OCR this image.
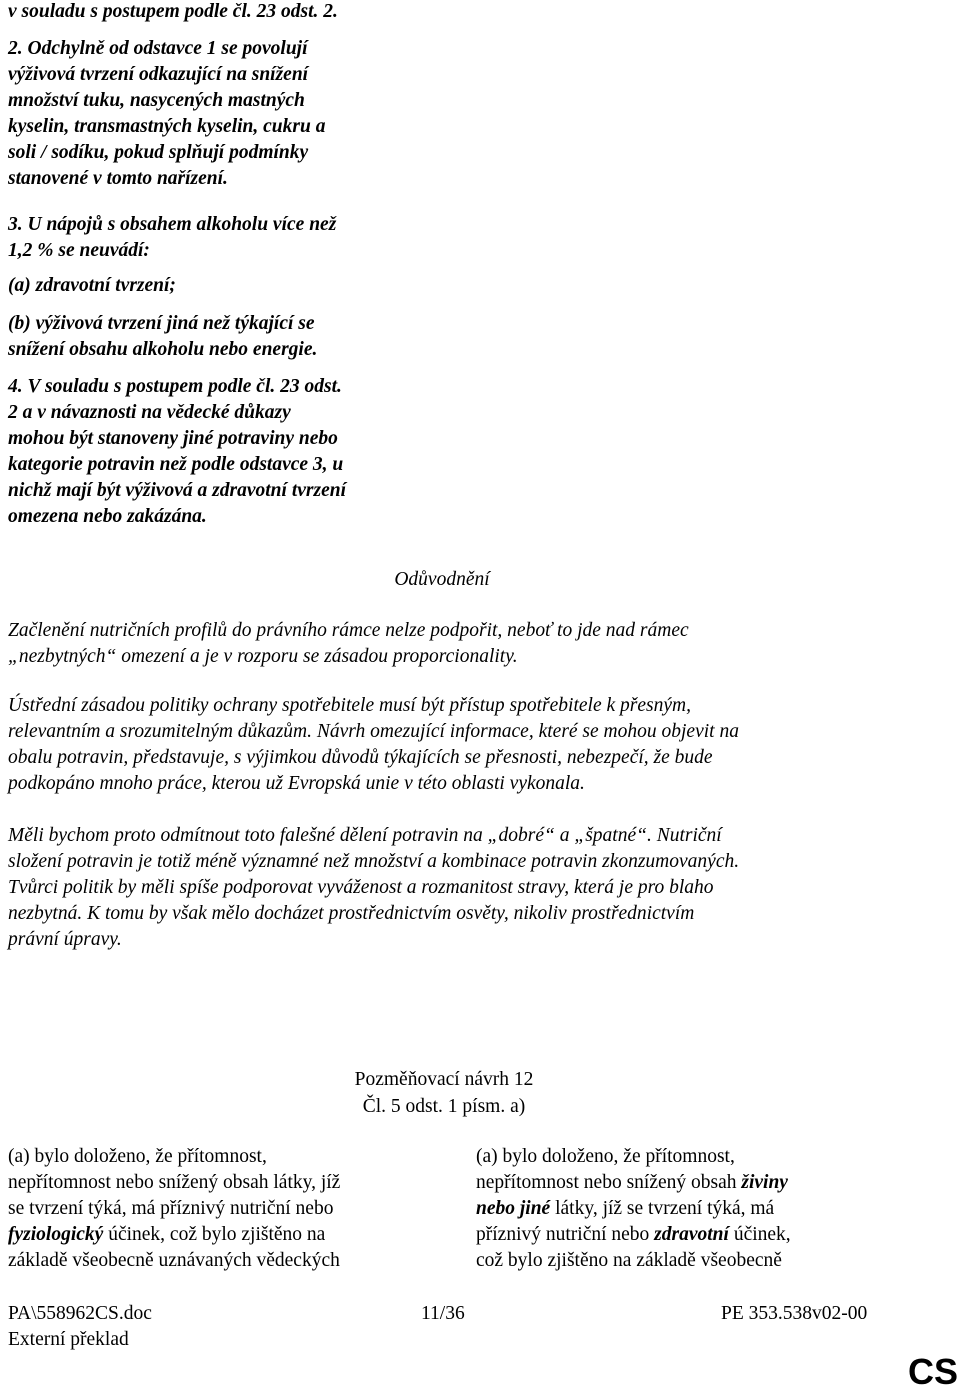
v souladu s postupem podle čl. 23 odst. 2.
2. Odchylně od odstavce 1 se povolují
výživová tvrzení odkazující na snížení
množství tuku, nasycených mastných
kyselin, transmastných kyselin, cukru a
soli / sodíku, pokud splňují podmínky
stanovené v tomto nařízení.
3. U nápojů s obsahem alkoholu více než
1,2 % se neuvádí:
(a) zdravotní tvrzení;
(b) výživová tvrzení jiná než týkající se
snížení obsahu alkoholu nebo energie.
4. V souladu s postupem podle čl. 23 odst.
2 a v návaznosti na vědecké důkazy
mohou být stanoveny jiné potraviny nebo
kategorie potravin než podle odstavce 3, u
nichž mají být výživová a zdravotní tvrzení
omezena nebo zakázána.
Odůvodnění
Začlenění nutričních profilů do právního rámce nelze podpořit, neboť to jde nad rámec
„nezbytných“ omezení a je v rozporu se zásadou proporcionality.
Ústřední zásadou politiky ochrany spotřebitele musí být přístup spotřebitele k přesným,
relevantním a srozumitelným důkazům. Návrh omezující informace, které se mohou objevit na
obalu potravin, představuje, s výjimkou důvodů týkajících se přesnosti, nebezpečí, že bude
podkopáno mnoho práce, kterou už Evropská unie v této oblasti vykonala.
Měli bychom proto odmítnout toto falešné dělení potravin na „dobré“ a „špatné“. Nutriční
složení potravin je totiž méně významné než množství a kombinace potravin zkonzumovaných.
Tvůrci politik by měli spíše podporovat vyváženost a rozmanitost stravy, která je pro blaho
nezbytná. K tomu by však mělo docházet prostřednictvím osvěty, nikoliv prostřednictvím
právní úpravy.
Pozměňovací návrh 12
Čl. 5 odst. 1 písm. a)
(a) bylo doloženo, že přítomnost,
nepřítomnost nebo snížený obsah látky, jíž
se tvrzení týká, má příznivý nutriční nebo
fyziologický účinek, což bylo zjištěno na
základě všeobecně uznávaných vědeckých
(a) bylo doloženo, že přítomnost,
nepřítomnost nebo snížený obsah živiny
nebo jiné látky, jíž se tvrzení týká, má
příznivý nutriční nebo zdravotní účinek,
což bylo zjištěno na základě všeobecně
PA\558962CS.doc	11/36	PE 353.538v02-00
Externí překlad
CS
